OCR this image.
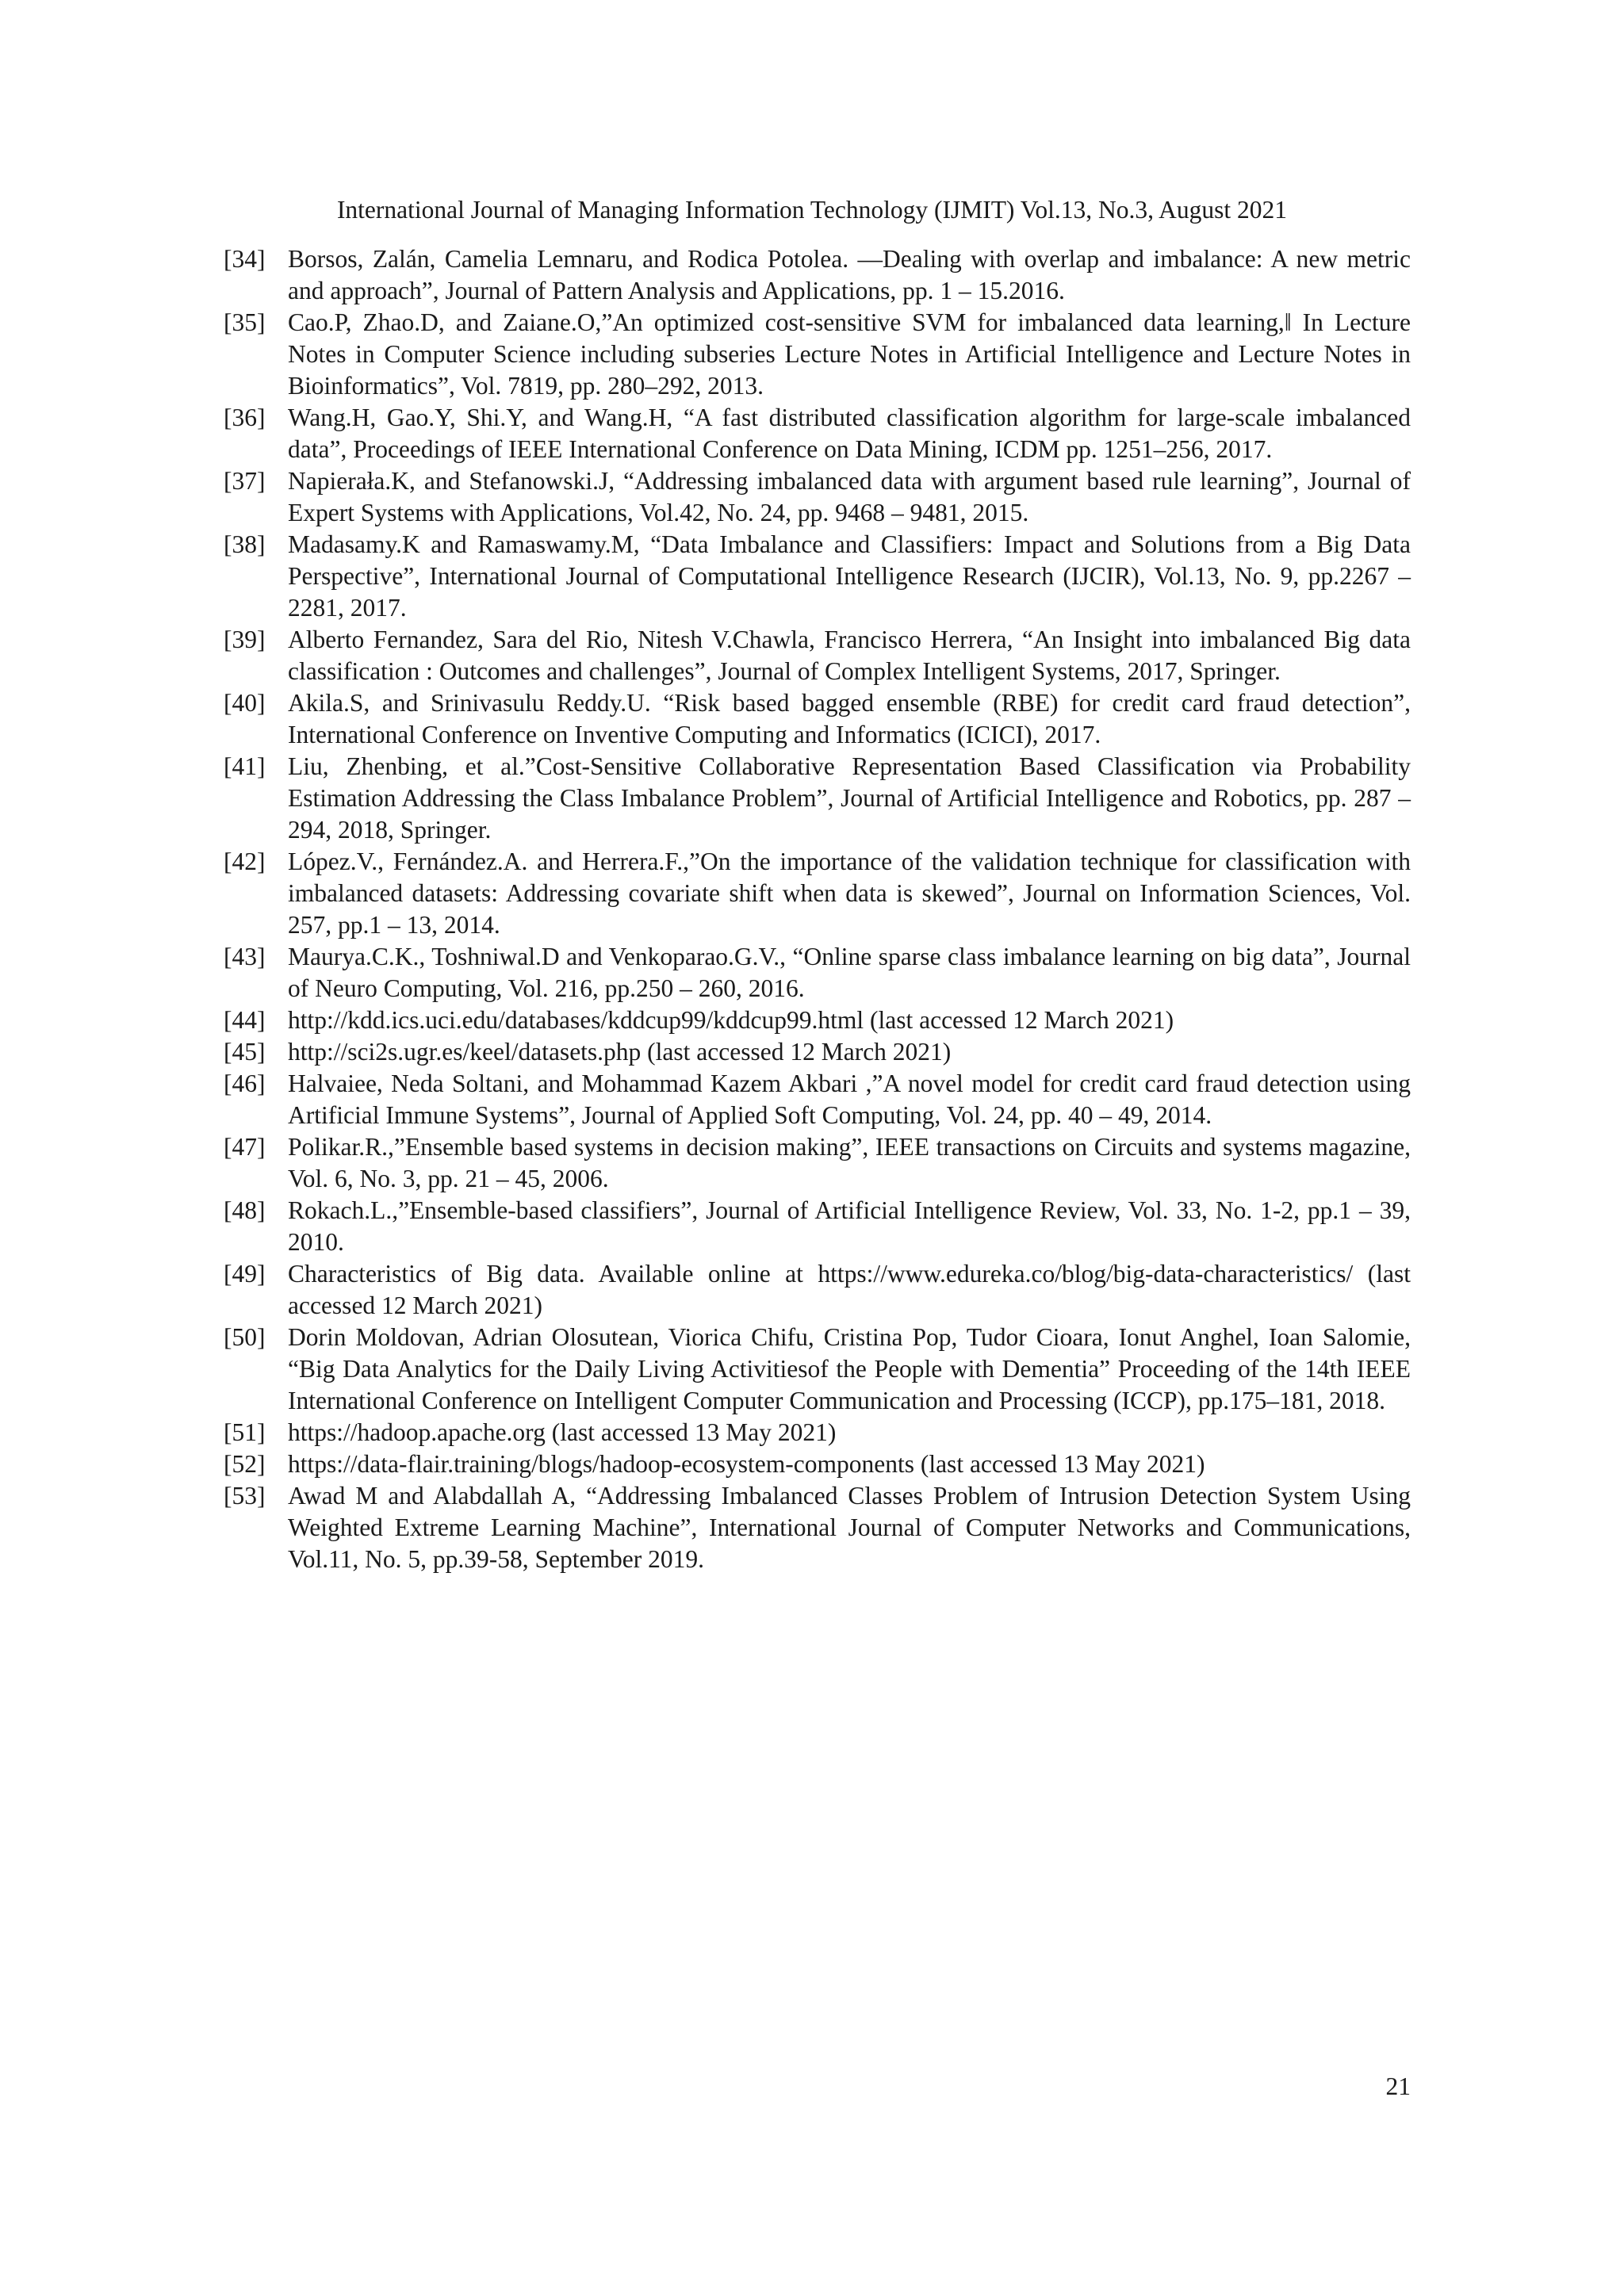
International Journal of Managing Information Technology (IJMIT) Vol.13, No.3, August 2021
[34] Borsos, Zalán, Camelia Lemnaru, and Rodica Potolea. ―Dealing with overlap and imbalance: A new metric and approach”, Journal of Pattern Analysis and Applications, pp. 1 – 15.2016.
[35] Cao.P, Zhao.D, and Zaiane.O,”An optimized cost-sensitive SVM for imbalanced data learning,‖ In Lecture Notes in Computer Science including subseries Lecture Notes in Artificial Intelligence and Lecture Notes in Bioinformatics”, Vol. 7819, pp. 280–292, 2013.
[36] Wang.H, Gao.Y, Shi.Y, and Wang.H, “A fast distributed classification algorithm for large-scale imbalanced data”, Proceedings of IEEE International Conference on Data Mining, ICDM pp. 1251–256, 2017.
[37] Napierała.K, and Stefanowski.J, “Addressing imbalanced data with argument based rule learning”, Journal of Expert Systems with Applications, Vol.42, No. 24, pp. 9468 – 9481, 2015.
[38] Madasamy.K and Ramaswamy.M, “Data Imbalance and Classifiers: Impact and Solutions from a Big Data Perspective”, International Journal of Computational Intelligence Research (IJCIR), Vol.13, No. 9, pp.2267 – 2281, 2017.
[39] Alberto Fernandez, Sara del Rio, Nitesh V.Chawla, Francisco Herrera, “An Insight into imbalanced Big data classification : Outcomes and challenges”, Journal of Complex Intelligent Systems, 2017, Springer.
[40] Akila.S, and Srinivasulu Reddy.U. “Risk based bagged ensemble (RBE) for credit card fraud detection”, International Conference on Inventive Computing and Informatics (ICICI), 2017.
[41] Liu, Zhenbing, et al.”Cost-Sensitive Collaborative Representation Based Classification via Probability Estimation Addressing the Class Imbalance Problem”, Journal of Artificial Intelligence and Robotics, pp. 287 – 294, 2018, Springer.
[42] López.V., Fernández.A. and Herrera.F.,”On the importance of the validation technique for classification with imbalanced datasets: Addressing covariate shift when data is skewed”, Journal on Information Sciences, Vol. 257, pp.1 – 13, 2014.
[43] Maurya.C.K., Toshniwal.D and Venkoparao.G.V., “Online sparse class imbalance learning on big data”, Journal of Neuro Computing, Vol. 216, pp.250 – 260, 2016.
[44] http://kdd.ics.uci.edu/databases/kddcup99/kddcup99.html (last accessed 12 March 2021)
[45] http://sci2s.ugr.es/keel/datasets.php (last accessed 12 March 2021)
[46] Halvaiee, Neda Soltani, and Mohammad Kazem Akbari ,”A novel model for credit card fraud detection using Artificial Immune Systems”, Journal of Applied Soft Computing, Vol. 24, pp. 40 – 49, 2014.
[47] Polikar.R.,”Ensemble based systems in decision making”, IEEE transactions on Circuits and systems magazine, Vol. 6, No. 3, pp. 21 – 45, 2006.
[48] Rokach.L.,”Ensemble-based classifiers”, Journal of Artificial Intelligence Review, Vol. 33, No. 1-2, pp.1 – 39, 2010.
[49] Characteristics of Big data. Available online at https://www.edureka.co/blog/big-data-characteristics/ (last accessed 12 March 2021)
[50] Dorin Moldovan, Adrian Olosutean, Viorica Chifu, Cristina Pop, Tudor Cioara, Ionut Anghel, Ioan Salomie, “Big Data Analytics for the Daily Living Activitiesof the People with Dementia” Proceeding of the 14th IEEE International Conference on Intelligent Computer Communication and Processing (ICCP), pp.175–181, 2018.
[51] https://hadoop.apache.org (last accessed 13 May 2021)
[52] https://data-flair.training/blogs/hadoop-ecosystem-components (last accessed 13 May 2021)
[53] Awad M and Alabdallah A, “Addressing Imbalanced Classes Problem of Intrusion Detection System Using Weighted Extreme Learning Machine”, International Journal of Computer Networks and Communications, Vol.11, No. 5, pp.39-58, September 2019.
21
